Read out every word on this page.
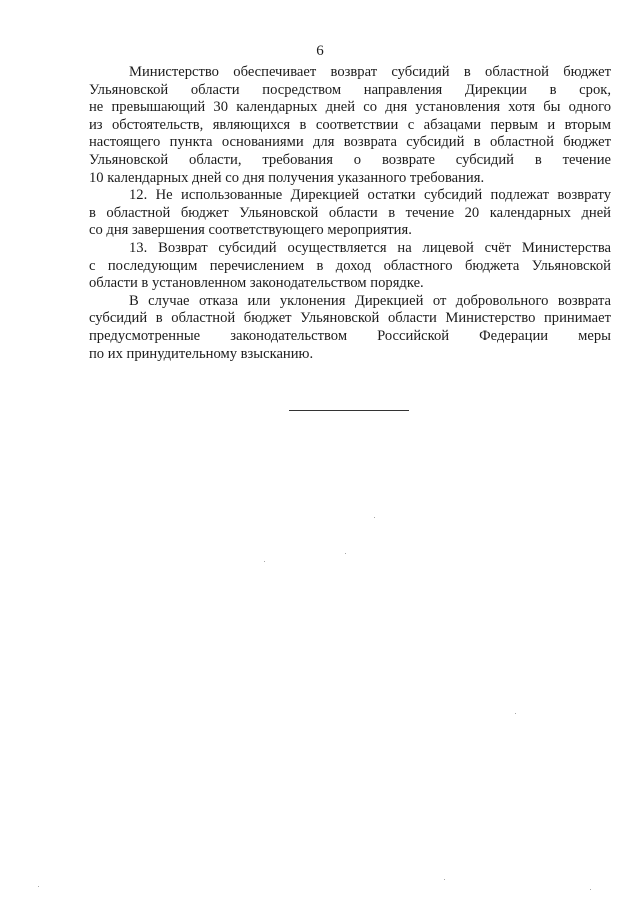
6
Министерство обеспечивает возврат субсидий в областной бюджет
Ульяновской области посредством направления Дирекции в срок,
не превышающий 30 календарных дней со дня установления хотя бы одного
из обстоятельств, являющихся в соответствии с абзацами первым и вторым
настоящего пункта основаниями для возврата субсидий в областной бюджет
Ульяновской области, требования о возврате субсидий в течение
10 календарных дней со дня получения указанного требования.
12. Не использованные Дирекцией остатки субсидий подлежат возврату
в областной бюджет Ульяновской области в течение 20 календарных дней
со дня завершения соответствующего мероприятия.
13. Возврат субсидий осуществляется на лицевой счёт Министерства
с последующим перечислением в доход областного бюджета Ульяновской
области в установленном законодательством порядке.
В случае отказа или уклонения Дирекцией от добровольного возврата
субсидий в областной бюджет Ульяновской области Министерство принимает
предусмотренные законодательством Российской Федерации меры
по их принудительному взысканию.
